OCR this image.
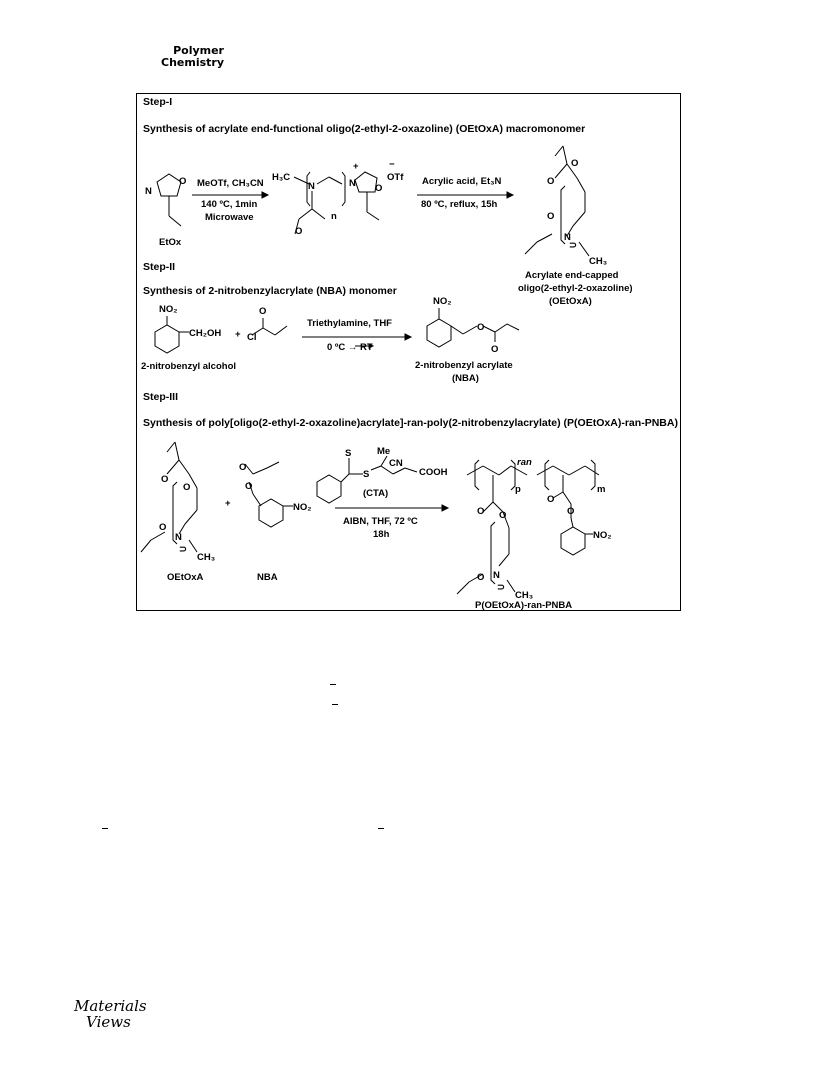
Polymer
Chemistry
Step-I
Synthesis of acrylate end-functional oligo(2-ethyl-2-oxazoline) (OEtOxA) macromonomer
Step-II
Synthesis of 2-nitrobenzylacrylate (NBA) monomer
Step-III
Synthesis of poly[oligo(2-ethyl-2-oxazoline)acrylate]-ran-poly(2-nitrobenzylacrylate) (P(OEtOxA)-ran-PNBA)
EtOx
O
N
MeOTf, CH₃CN
140 ºC, 1min
Microwave
H₃C
N
n
N
+
O
O
−
OTf Acrylic acid, Et₃N
80 ºC, reflux, 15h
O
O
O
N
⊃
CH₃
Acrylate end-capped
oligo(2-ethyl-2-oxazoline)
(OEtOxA)
NO₂
CH₂OH
2-nitrobenzyl alcohol
+ Cl
O
Triethylamine, THF
0 ºC → RT
NO₂
O
O
2-nitrobenzyl acrylate
(NBA)
O
O
O
N
⊃
CH₃
OEtOxA
+
O
O
NO₂
NBA
S
S
Me
CN
COOH
(CTA)
AIBN, THF, 72 ºC
18h
ran
p	m
O O
O
O
NO₂
O N
⊃
CH₃
P(OEtOxA)-ran-PNBA
Materials
Views
